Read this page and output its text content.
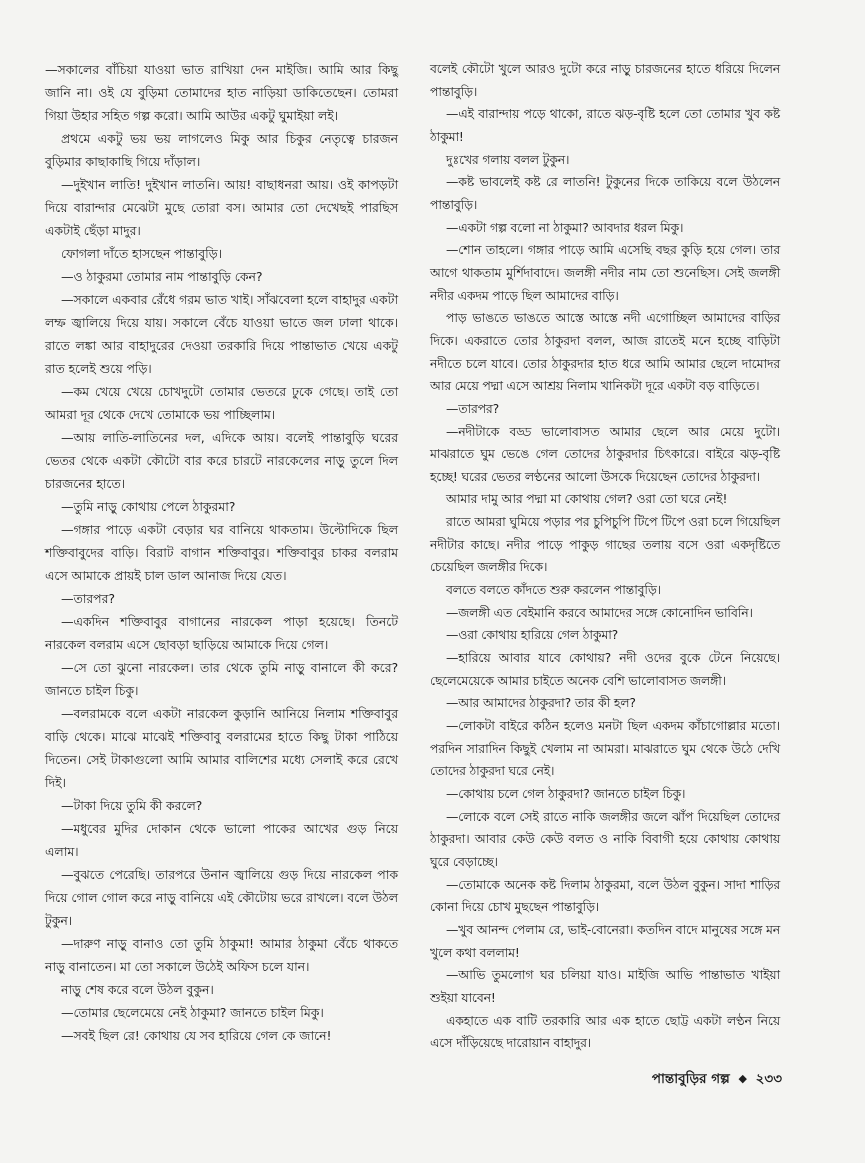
—সকালের বাঁচিয়া যাওয়া ভাত রাখিয়া দেন মাইজি। আমি আর কিছু জানি না। ওই যে বুড়িমা তোমাদের হাত নাড়িয়া ডাকিতেছেন। তোমরা গিয়া উহার সহিত গল্প করো। আমি আউর একটু ঘুমাইয়া লই।

প্রথমে একটু ভয় ভয় লাগলেও মিকু আর চিকুর নেতৃত্বে চারজন বুড়িমার কাছাকাছি গিয়ে দাঁড়াল।

—দুইখান লাতি! দুইখান লাতনি। আয়! বাছাধনরা আয়। ওই কাপড়টা দিয়ে বারান্দার মেঝেটা মুছে তোরা বস। আমার তো দেখেছই পারছিস একটাই ছেঁড়া মাদুর।

ফোগলা দাঁতে হাসছেন পান্তাবুড়ি।

—ও ঠাকুরমা তোমার নাম পান্তাবুড়ি কেন?

—সকালে একবার রেঁধে গরম ভাত খাই। সাঁঝবেলা হলে বাহাদুর একটা লম্ফ জ্বালিয়ে দিয়ে যায়। সকালে বেঁচে যাওয়া ভাতে জল ঢালা থাকে। রাতে লঙ্কা আর বাহাদুরের দেওয়া তরকারি দিয়ে পান্তাভাত খেয়ে একটু রাত হলেই শুয়ে পড়ি।

—কম খেয়ে খেয়ে চোখদুটো তোমার ভেতরে ঢুকে গেছে। তাই তো আমরা দূর থেকে দেখে তোমাকে ভয় পাচ্ছিলাম।

—আয় লাতি-লাতিনের দল, এদিকে আয়। বলেই পান্তাবুড়ি ঘরের ভেতর থেকে একটা কৌটো বার করে চারটে নারকেলের নাড়ু তুলে দিল চারজনের হাতে।

—তুমি নাড়ু কোথায় পেলে ঠাকুরমা?

—গঙ্গার পাড়ে একটা বেড়ার ঘর বানিয়ে থাকতাম। উল্টোদিকে ছিল শক্তিবাবুদের বাড়ি। বিরাট বাগান শক্তিবাবুর। শক্তিবাবুর চাকর বলরাম এসে আমাকে প্রায়ই চাল ডাল আনাজ দিয়ে যেত।

—তারপর?

—একদিন শক্তিবাবুর বাগানের নারকেল পাড়া হয়েছে। তিনটে নারকেল বলরাম এসে ছোবড়া ছাড়িয়ে আমাকে দিয়ে গেল।

—সে তো ঝুনো নারকেল। তার থেকে তুমি নাড়ু বানালে কী করে? জানতে চাইল চিকু।

—বলরামকে বলে একটা নারকেল কুড়ানি আনিয়ে নিলাম শক্তিবাবুর বাড়ি থেকে। মাঝে মাঝেই শক্তিবাবু বলরামের হাতে কিছু টাকা পাঠিয়ে দিতেন। সেই টাকাগুলো আমি আমার বালিশের মধ্যে সেলাই করে রেখে দিই।

—টাকা দিয়ে তুমি কী করলে?

—মধুবের মুদির দোকান থেকে ভালো পাকের আখের গুড় নিয়ে এলাম।

—বুঝতে পেরেছি। তারপরে উনান জ্বালিয়ে গুড় দিয়ে নারকেল পাক দিয়ে গোল গোল করে নাড়ু বানিয়ে এই কৌটোয় ভরে রাখলে। বলে উঠল টুকুন।

—দারুণ নাড়ু বানাও তো তুমি ঠাকুমা! আমার ঠাকুমা বেঁচে থাকতে নাড়ু বানাতেন। মা তো সকালে উঠেই অফিস চলে যান।

নাড়ু শেষ করে বলে উঠল বুকুন।

—তোমার ছেলেমেয়ে নেই ঠাকুমা? জানতে চাইল মিকু।

—সবই ছিল রে! কোথায় যে সব হারিয়ে গেল কে জানে!

বলেই কৌটো খুলে আরও দুটো করে নাড়ু চারজনের হাতে ধরিয়ে দিলেন পান্তাবুড়ি।

—এই বারান্দায় পড়ে থাকো, রাতে ঝড়-বৃষ্টি হলে তো তোমার খুব কষ্ট ঠাকুমা!

দুঃখের গলায় বলল টুকুন।

—কষ্ট ভাবলেই কষ্ট রে লাতনি! টুকুনের দিকে তাকিয়ে বলে উঠলেন পান্তাবুড়ি।

—একটা গল্প বলো না ঠাকুমা? আবদার ধরল মিকু।

—শোন তাহলে। গঙ্গার পাড়ে আমি এসেছি বছর কুড়ি হয়ে গেল। তার আগে থাকতাম মুর্শিদাবাদে। জলঙ্গী নদীর নাম তো শুনেছিস। সেই জলঙ্গী নদীর একদম পাড়ে ছিল আমাদের বাড়ি।

পাড় ভাঙতে ভাঙতে আস্তে আস্তে নদী এগোচ্ছিল আমাদের বাড়ির দিকে। একরাতে তোর ঠাকুরদা বলল, আজ রাতেই মনে হচ্ছে বাড়িটা নদীতে চলে যাবে। তোর ঠাকুরদার হাত ধরে আমি আমার ছেলে দামোদর আর মেয়ে পদ্মা এসে আশ্রয় নিলাম খানিকটা দূরে একটা বড় বাড়িতে।

—তারপর?

—নদীটাকে বড্ড ভালোবাসত আমার ছেলে আর মেয়ে দুটো। মাঝরাতে ঘুম ভেঙে গেল তোদের ঠাকুরদার চিৎকারে। বাইরে ঝড়-বৃষ্টি হচ্ছে! ঘরের ভেতর লণ্ঠনের আলো উসকে দিয়েছেন তোদের ঠাকুরদা।

আমার দামু আর পদ্মা মা কোথায় গেল? ওরা তো ঘরে নেই!

রাতে আমরা ঘুমিয়ে পড়ার পর চুপিচুপি টিপে টিপে ওরা চলে গিয়েছিল নদীটার কাছে। নদীর পাড়ে পাকুড় গাছের তলায় বসে ওরা একদৃষ্টিতে চেয়েছিল জলঙ্গীর দিকে।

বলতে বলতে কাঁদতে শুরু করলেন পান্তাবুড়ি।

—জলঙ্গী এত বেইমানি করবে আমাদের সঙ্গে কোনোদিন ভাবিনি।

—ওরা কোথায় হারিয়ে গেল ঠাকুমা?

—হারিয়ে আবার যাবে কোথায়? নদী ওদের বুকে টেনে নিয়েছে। ছেলেমেয়েকে আমার চাইতে অনেক বেশি ভালোবাসত জলঙ্গী।

—আর আমাদের ঠাকুরদা? তার কী হল?

—লোকটা বাইরে কঠিন হলেও মনটা ছিল একদম কাঁচাগোল্লার মতো। পরদিন সারাদিন কিছুই খেলাম না আমরা। মাঝরাতে ঘুম থেকে উঠে দেখি তোদের ঠাকুরদা ঘরে নেই।

—কোথায় চলে গেল ঠাকুরদা? জানতে চাইল চিকু।

—লোকে বলে সেই রাতে নাকি জলঙ্গীর জলে ঝাঁপ দিয়েছিল তোদের ঠাকুরদা। আবার কেউ কেউ বলত ও নাকি বিবাগী হয়ে কোথায় কোথায় ঘুরে বেড়াচ্ছে।

—তোমাকে অনেক কষ্ট দিলাম ঠাকুরমা, বলে উঠল বুকুন। সাদা শাড়ির কোনা দিয়ে চোখ মুছছেন পান্তাবুড়ি।

—খুব আনন্দ পেলাম রে, ভাই-বোনেরা। কতদিন বাদে মানুষের সঙ্গে মন খুলে কথা বললাম!

—আভি তুমলোগ ঘর চলিয়া যাও। মাইজি আভি পান্তাভাত খাইয়া শুইয়া যাবেন!

একহাতে এক বাটি তরকারি আর এক হাতে ছোট্ট একটা লণ্ঠন নিয়ে এসে দাঁড়িয়েছে দারোয়ান বাহাদুর।

পান্তাবুড়ির গল্প ◆ ২৩৩
